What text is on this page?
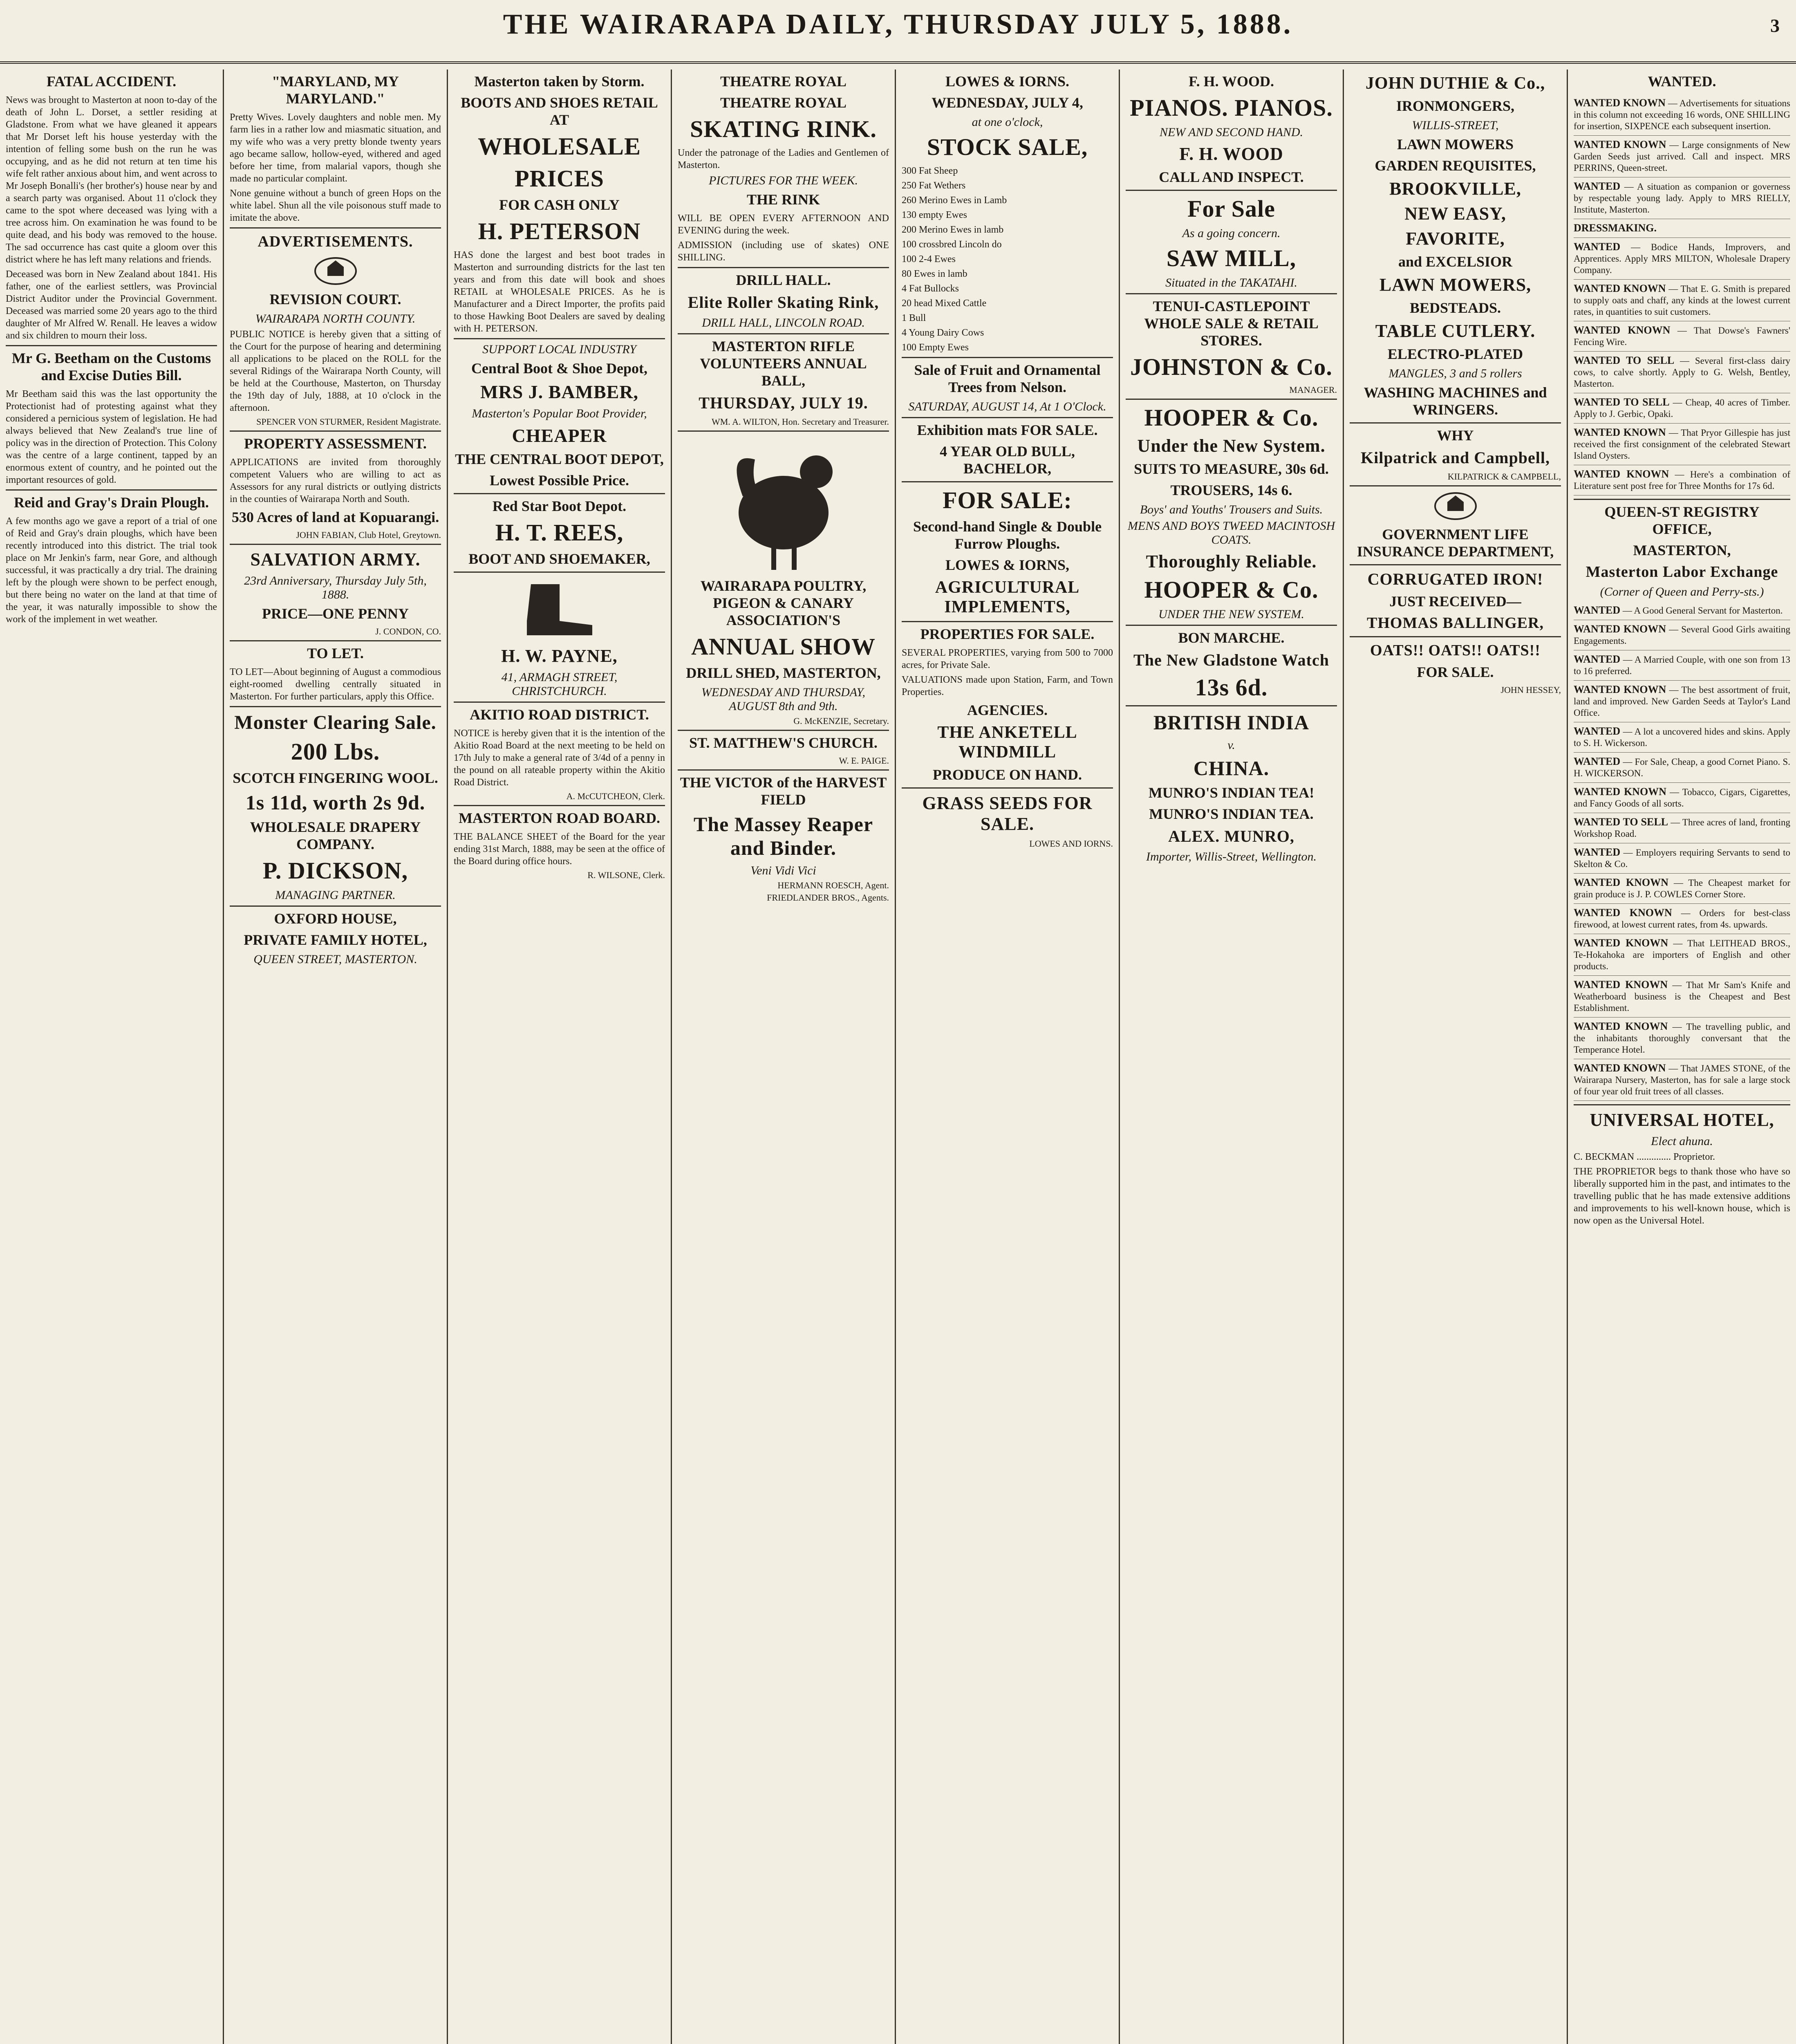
THE WAIRARAPA DAILY, THURSDAY JULY 5, 1888.	3
FATAL ACCIDENT.

News was brought to Masterton at noon to-day of the death of John L. Dorset, a settler residing at Gladstone. From what we have gleaned it appears that Mr Dorset left his house yesterday with the intention of felling some bush on the run he was occupying, and as he did not return at ten time his wife felt rather anxious about him, and went across to Mr Joseph Bonalli's (her brother's) house near by and a search party was organised. About 11 o'clock they came to the spot where deceased was lying with a tree across him. On examination he was found to be quite dead, and his body was removed to the house. The sad occurrence has cast quite a gloom over this district where he has left many relations and friends.

Deceased was born in New Zealand about 1841. His father, one of the earliest settlers, was Provincial District Auditor under the Provincial Government. Deceased was married some 20 years ago to the third daughter of Mr Alfred W. Renall. He leaves a widow and six children to mourn their loss.

Mr G. Beetham on the Customs and Excise Duties Bill.

Mr Beetham said this was the last opportunity the Protectionist had of protesting against what they considered a pernicious system of legislation. He had always believed that New Zealand's true line of policy was in the direction of Protection. This Colony was the centre of a large continent, tapped by an enormous extent of country, and he pointed out the important resources of gold.

Reid and Gray's Drain Plough.

A few months ago we gave a report of a trial of one of Reid and Gray's drain ploughs, which have been recently introduced into this district. The trial took place on Mr Jenkin's farm, near Gore, and although successful, it was practically a dry trial. The draining left by the plough were shown to be perfect enough, but there being no water on the land at that time of the year, it was naturally impossible to show the work of the implement in wet weather.

"MARYLAND, MY MARYLAND."

Pretty Wives. Lovely daughters and noble men. My farm lies in a rather low and miasmatic situation, and my wife who was a very pretty blonde twenty years ago became sallow, hollow-eyed, withered and aged before her time, from malarial vapors, though she made no particular complaint.

None genuine without a bunch of green Hops on the white label. Shun all the vile poisonous stuff made to imitate the above.

ADVERTISEMENTS.
REVISION COURT.
WAIRARAPA NORTH COUNTY.

PUBLIC NOTICE is hereby given that a sitting of the Court for the purpose of hearing and determining all applications to be placed on the ROLL for the several Ridings of the Wairarapa North County, will be held at the Courthouse, Masterton, on Thursday the 19th day of July, 1888, at 10 o'clock in the afternoon.

SPENCER VON STURMER, Resident Magistrate.
PROPERTY ASSESSMENT.

APPLICATIONS are invited from thoroughly competent Valuers who are willing to act as Assessors for any rural districts or outlying districts in the counties of Wairarapa North and South.

530 Acres of land at Kopuarangi.
JOHN FABIAN, Club Hotel, Greytown.
SALVATION ARMY.
23rd Anniversary, Thursday July 5th, 1888.
PRICE—ONE PENNY
J. CONDON, CO.
TO LET.

TO LET—About beginning of August a commodious eight-roomed dwelling centrally situated in Masterton. For further particulars, apply this Office.

Monster Clearing Sale.
200 Lbs.
SCOTCH FINGERING WOOL.
1s 11d, worth 2s 9d.
WHOLESALE DRAPERY COMPANY.
P. DICKSON,
MANAGING PARTNER.
OXFORD HOUSE,
PRIVATE FAMILY HOTEL,
QUEEN STREET, MASTERTON.
Masterton taken by Storm.
BOOTS AND SHOES RETAIL AT
WHOLESALE
PRICES
FOR CASH ONLY
H. PETERSON

HAS done the largest and best boot trades in Masterton and surrounding districts for the last ten years and from this date will book and shoes RETAIL at WHOLESALE PRICES. As he is Manufacturer and a Direct Importer, the profits paid to those Hawking Boot Dealers are saved by dealing with H. PETERSON.

SUPPORT LOCAL INDUSTRY
Central Boot & Shoe Depot,
MRS J. BAMBER,
Masterton's Popular Boot Provider,
CHEAPER
THE CENTRAL BOOT DEPOT,
Lowest Possible Price.
Red Star Boot Depot.
H. T. REES,
BOOT AND SHOEMAKER,
H. W. PAYNE,
41, ARMAGH STREET, CHRISTCHURCH.
AKITIO ROAD DISTRICT.

NOTICE is hereby given that it is the intention of the Akitio Road Board at the next meeting to be held on 17th July to make a general rate of 3/4d of a penny in the pound on all rateable property within the Akitio Road District.

A. McCUTCHEON, Clerk.
MASTERTON ROAD BOARD.

THE BALANCE SHEET of the Board for the year ending 31st March, 1888, may be seen at the office of the Board during office hours.

R. WILSONE, Clerk.
THEATRE ROYAL
THEATRE ROYAL
SKATING RINK.

Under the patronage of the Ladies and Gentlemen of Masterton.

PICTURES FOR THE WEEK.
THE RINK

WILL BE OPEN EVERY AFTERNOON AND EVENING during the week.

ADMISSION (including use of skates) ONE SHILLING.

DRILL HALL.
Elite Roller Skating Rink,
DRILL HALL, LINCOLN ROAD.
MASTERTON RIFLE VOLUNTEERS ANNUAL BALL,
THURSDAY, JULY 19.
WM. A. WILTON, Hon. Secretary and Treasurer.
WAIRARAPA POULTRY, PIGEON & CANARY ASSOCIATION'S
ANNUAL SHOW
DRILL SHED, MASTERTON,
WEDNESDAY AND THURSDAY, AUGUST 8th and 9th.
G. McKENZIE, Secretary.
ST. MATTHEW'S CHURCH.
W. E. PAIGE.
THE VICTOR of the HARVEST FIELD
The Massey Reaper and Binder.
Veni Vidi Vici
HERMANN ROESCH, Agent.
FRIEDLANDER BROS., Agents.
LOWES & IORNS.
WEDNESDAY, JULY 4,
at one o'clock,
STOCK SALE,
300 Fat Sheep
250 Fat Wethers
260 Merino Ewes in Lamb
130 empty Ewes
200 Merino Ewes in lamb
100 crossbred Lincoln do
100 2-4 Ewes
80 Ewes in lamb
4 Fat Bullocks
20 head Mixed Cattle
1 Bull
4 Young Dairy Cows
100 Empty Ewes
Sale of Fruit and Ornamental Trees from Nelson.
SATURDAY, AUGUST 14, At 1 O'Clock.
Exhibition mats FOR SALE.
4 YEAR OLD BULL, BACHELOR,
FOR SALE:
Second-hand Single & Double Furrow Ploughs.
LOWES & IORNS,
AGRICULTURAL IMPLEMENTS,
PROPERTIES FOR SALE.

SEVERAL PROPERTIES, varying from 500 to 7000 acres, for Private Sale.

VALUATIONS made upon Station, Farm, and Town Properties.

AGENCIES.
THE ANKETELL WINDMILL
PRODUCE ON HAND.
GRASS SEEDS FOR SALE.
LOWES AND IORNS.
F. H. WOOD.
PIANOS. PIANOS.
NEW AND SECOND HAND.
F. H. WOOD
CALL AND INSPECT.
For Sale
As a going concern.
SAW MILL,
Situated in the TAKATAHI.
TENUI-CASTLEPOINT WHOLE SALE & RETAIL STORES.
JOHNSTON & Co.
MANAGER.
HOOPER & Co.
Under the New System.
SUITS TO MEASURE, 30s 6d.
TROUSERS, 14s 6.
Boys' and Youths' Trousers and Suits.
MENS AND BOYS TWEED MACINTOSH COATS.
Thoroughly Reliable.
HOOPER & Co.
UNDER THE NEW SYSTEM.
BON MARCHE.
The New Gladstone Watch
13s 6d.
BRITISH INDIA
v.
CHINA.
MUNRO'S INDIAN TEA!
MUNRO'S INDIAN TEA.
ALEX. MUNRO,
Importer, Willis-Street, Wellington.
JOHN DUTHIE & Co.,
IRONMONGERS,
WILLIS-STREET,
LAWN MOWERS
GARDEN REQUISITES,
BROOKVILLE,
NEW EASY,
FAVORITE,
and EXCELSIOR
LAWN MOWERS,
BEDSTEADS.
TABLE CUTLERY.
ELECTRO-PLATED
MANGLES, 3 and 5 rollers
WASHING MACHINES and WRINGERS.
WHY
Kilpatrick and Campbell,
KILPATRICK & CAMPBELL,
GOVERNMENT LIFE INSURANCE DEPARTMENT,
CORRUGATED IRON!
JUST RECEIVED—
THOMAS BALLINGER,
OATS!! OATS!! OATS!!
FOR SALE.
JOHN HESSEY,
WANTED.
WANTED KNOWN — Advertisements for situations in this column not exceeding 16 words, ONE SHILLING for insertion, SIXPENCE each subsequent insertion.
WANTED KNOWN — Large consignments of New Garden Seeds just arrived. Call and inspect. MRS PERRINS, Queen-street.
WANTED — A situation as companion or governess by respectable young lady. Apply to MRS RIELLY, Institute, Masterton.
DRESSMAKING.
WANTED — Bodice Hands, Improvers, and Apprentices. Apply MRS MILTON, Wholesale Drapery Company.
WANTED KNOWN — That E. G. Smith is prepared to supply oats and chaff, any kinds at the lowest current rates, in quantities to suit customers.
WANTED KNOWN — That Dowse's Fawners' Fencing Wire.
WANTED TO SELL — Several first-class dairy cows, to calve shortly. Apply to G. Welsh, Bentley, Masterton.
WANTED TO SELL — Cheap, 40 acres of Timber. Apply to J. Gerbic, Opaki.
WANTED KNOWN — That Pryor Gillespie has just received the first consignment of the celebrated Stewart Island Oysters.
WANTED KNOWN — Here's a combination of Literature sent post free for Three Months for 17s 6d.
QUEEN-ST REGISTRY OFFICE,
MASTERTON,
Masterton Labor Exchange
(Corner of Queen and Perry-sts.)
WANTED — A Good General Servant for Masterton.
WANTED KNOWN — Several Good Girls awaiting Engagements.
WANTED — A Married Couple, with one son from 13 to 16 preferred.
WANTED KNOWN — The best assortment of fruit, land and improved. New Garden Seeds at Taylor's Land Office.
WANTED — A lot a uncovered hides and skins. Apply to S. H. Wickerson.
WANTED — For Sale, Cheap, a good Cornet Piano. S. H. WICKERSON.
WANTED KNOWN — Tobacco, Cigars, Cigarettes, and Fancy Goods of all sorts.
WANTED TO SELL — Three acres of land, fronting Workshop Road.
WANTED — Employers requiring Servants to send to Skelton & Co.
WANTED KNOWN — The Cheapest market for grain produce is J. P. COWLES Corner Store.
WANTED KNOWN — Orders for best-class firewood, at lowest current rates, from 4s. upwards.
WANTED KNOWN — That LEITHEAD BROS., Te-Hokahoka are importers of English and other products.
WANTED KNOWN — That Mr Sam's Knife and Weatherboard business is the Cheapest and Best Establishment.
WANTED KNOWN — The travelling public, and the inhabitants thoroughly conversant that the Temperance Hotel.
WANTED KNOWN — That JAMES STONE, of the Wairarapa Nursery, Masterton, has for sale a large stock of four year old fruit trees of all classes.
UNIVERSAL HOTEL,
Elect ahuna.
C. BECKMAN .............. Proprietor.

THE PROPRIETOR begs to thank those who have so liberally supported him in the past, and intimates to the travelling public that he has made extensive additions and improvements to his well-known house, which is now open as the Universal Hotel.
